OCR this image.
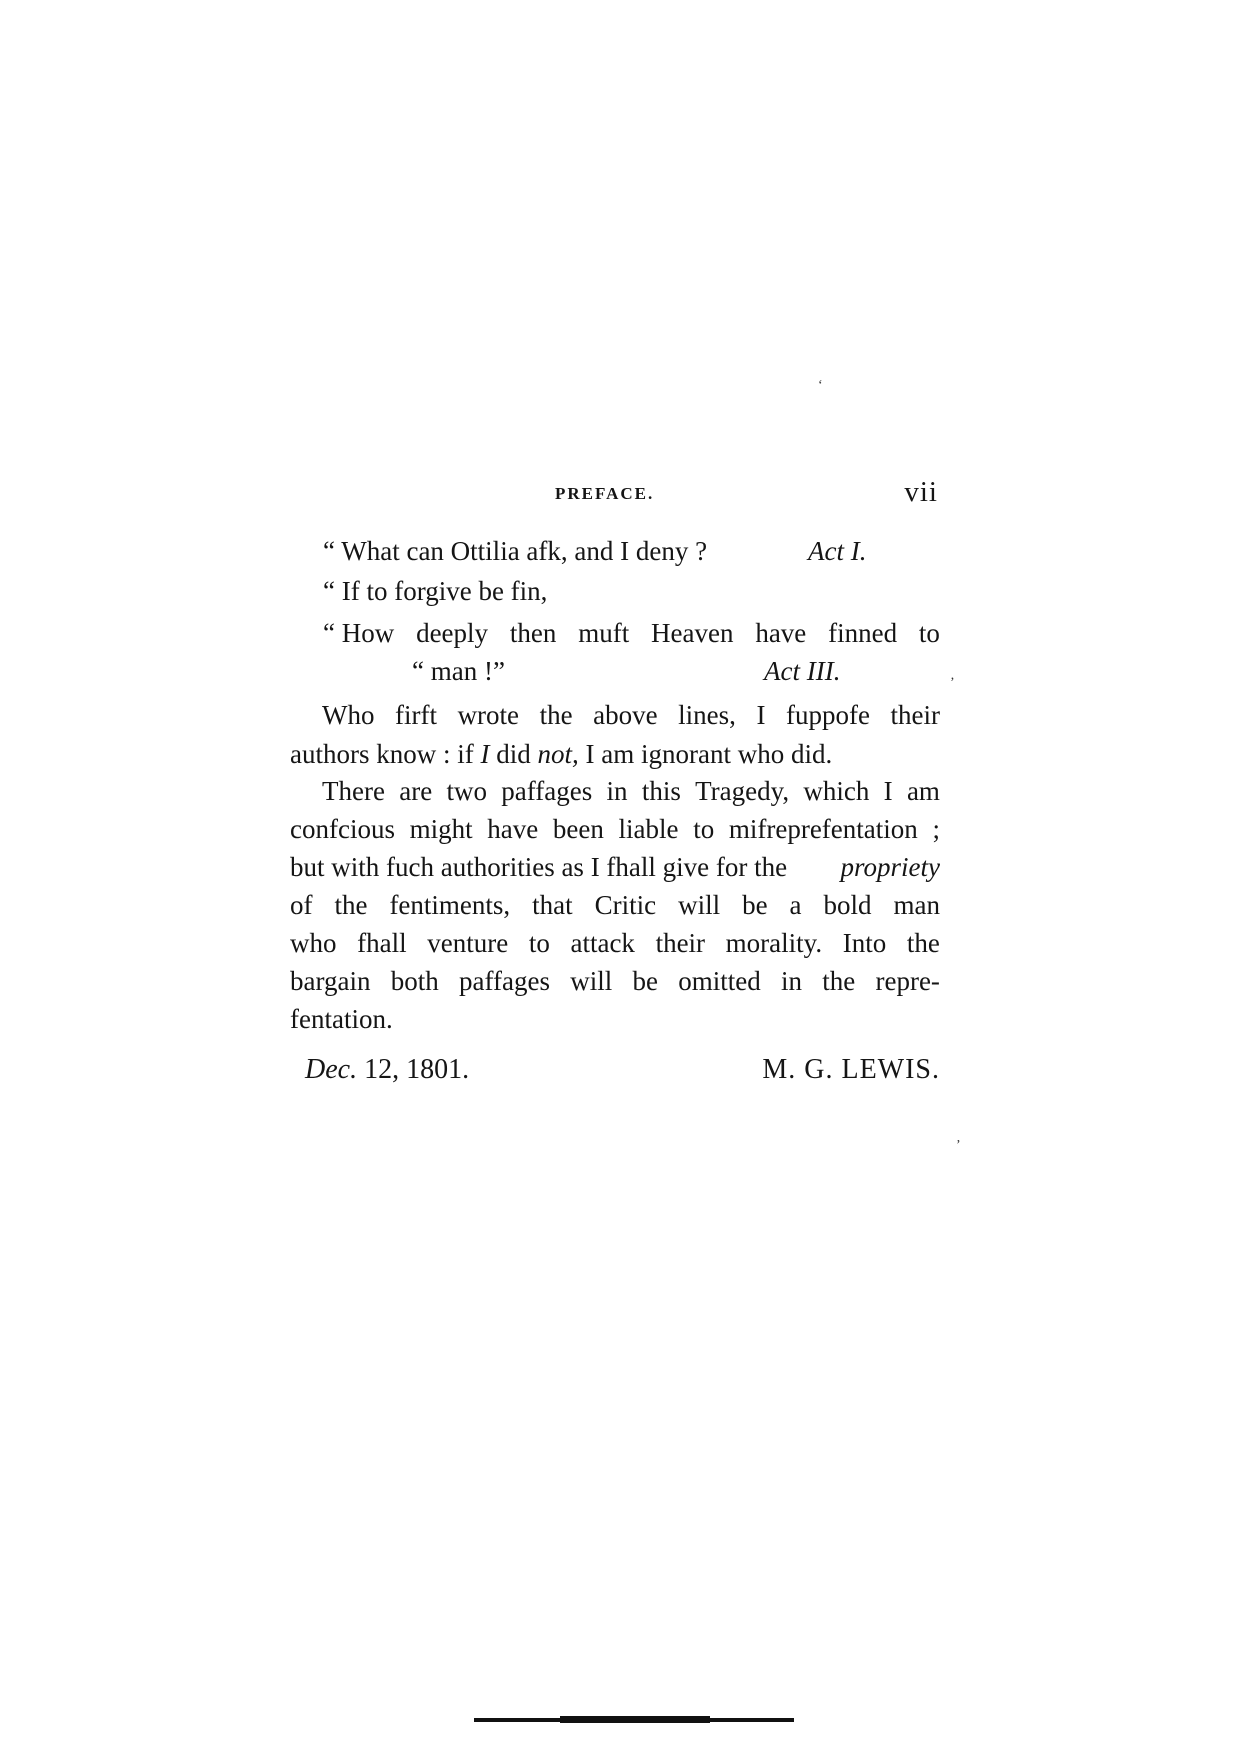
PREFACE.	vii
“ What can Ottilia afk, and I deny ?	Act I.
“ If to forgive be fin,
“ How deeply then muft Heaven have finned to
“ man !”	Act III.
Who firft wrote the above lines, I fuppofe their
authors know : if
I
did
not,
I am ignorant who did.
There are two paffages in this Tragedy, which I am
confcious might have been liable to mifreprefentation ;
but with fuch authorities as I fhall give for the propriety
of the fentiments, that Critic will be a bold man
who fhall venture to attack their morality. Into the
bargain both paffages will be omitted in the repre-
fentation.
Dec. 12, 1801.	M. G. LEWIS.
‘
‚
’
